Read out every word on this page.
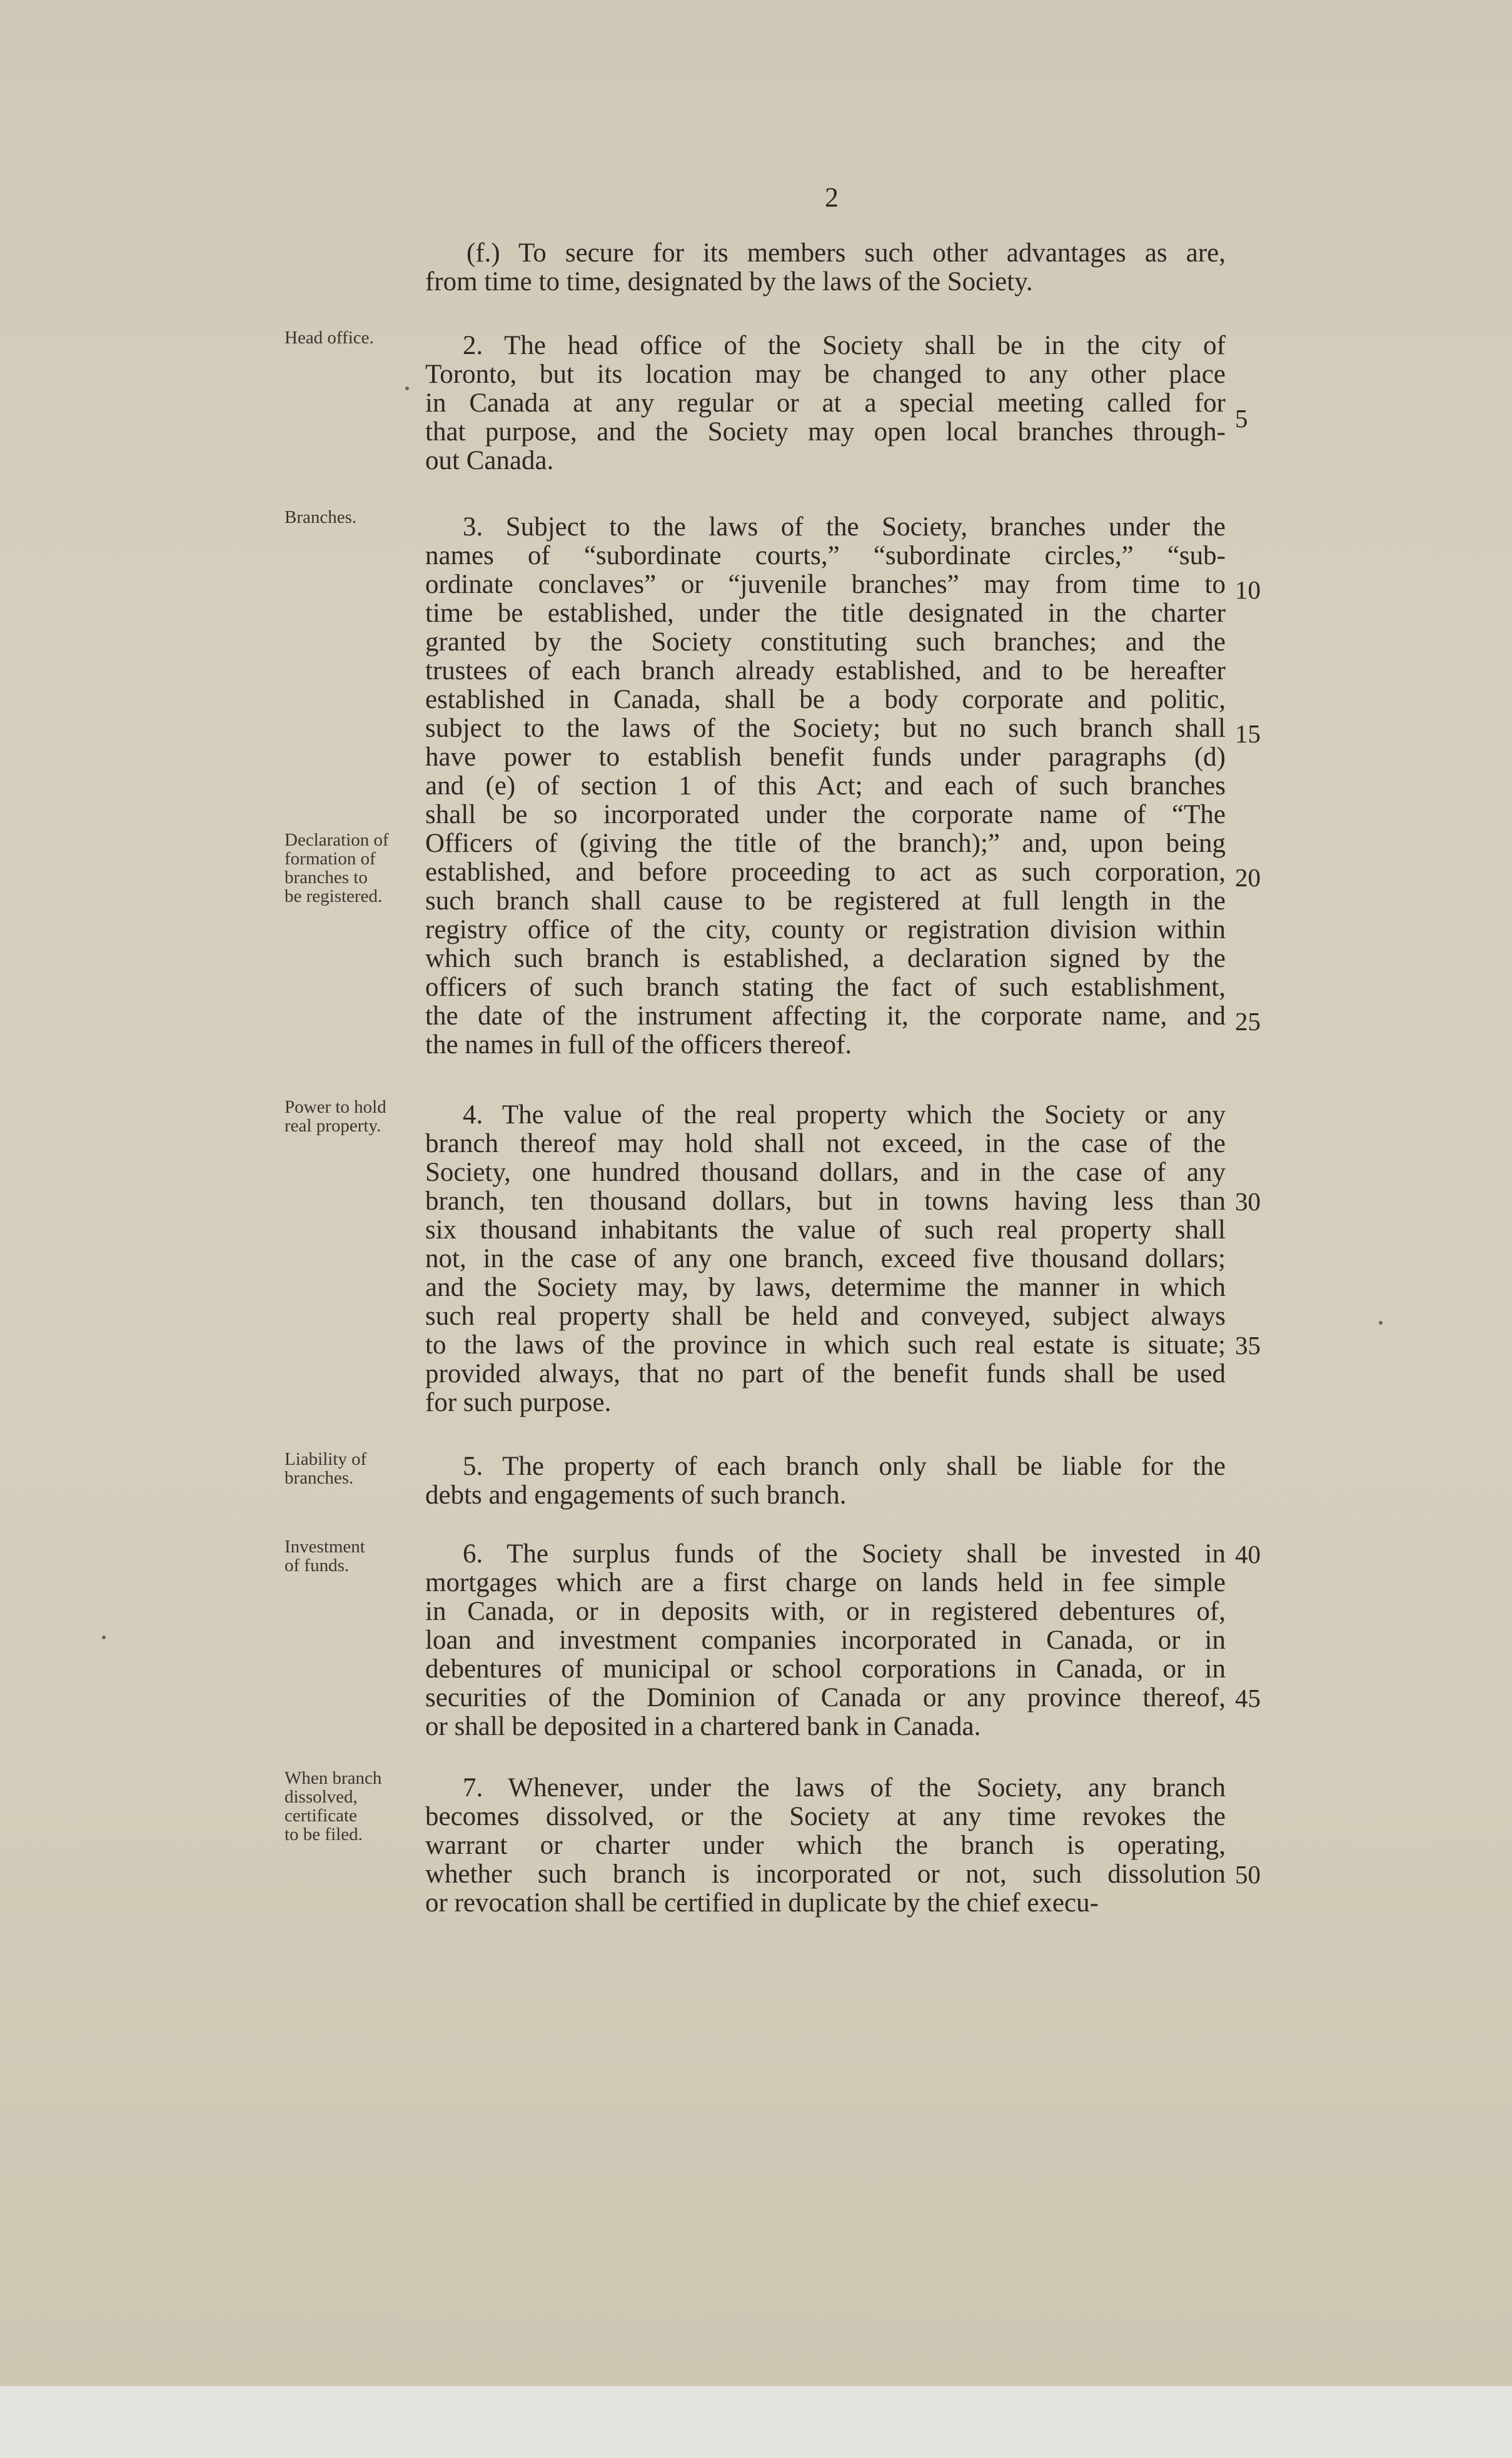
2
(f.) To secure for its members such other advantages as are,
from time to time, designated by the laws of the Society.
Head office.	2. The head office of the Society shall be in the city of
Toronto, but its location may be changed to any other place
in Canada at any regular or at a special meeting called for
that purpose, and the Society may open local branches through-
out Canada.
Branches.
Declaration of
formation of
branches to
be registered.
3. Subject to the laws of the Society, branches under the
names of “subordinate courts,” “subordinate circles,” “sub-
ordinate conclaves” or “juvenile branches” may from time to
time be established, under the title designated in the charter
granted by the Society constituting such branches; and the
trustees of each branch already established, and to be hereafter
established in Canada, shall be a body corporate and politic,
subject to the laws of the Society; but no such branch shall
have power to establish benefit funds under paragraphs (d)
and (e) of section 1 of this Act; and each of such branches
shall be so incorporated under the corporate name of “The
Officers of (giving the title of the branch);” and, upon being
established, and before proceeding to act as such corporation,
such branch shall cause to be registered at full length in the
registry office of the city, county or registration division within
which such branch is established, a declaration signed by the
officers of such branch stating the fact of such establishment,
the date of the instrument affecting it, the corporate name, and
the names in full of the officers thereof.
Power to hold
real property.	4. The value of the real property which the Society or any
branch thereof may hold shall not exceed, in the case of the
Society, one hundred thousand dollars, and in the case of any
branch, ten thousand dollars, but in towns having less than
six thousand inhabitants the value of such real property shall
not, in the case of any one branch, exceed five thousand dollars;
and the Society may, by laws, determime the manner in which
such real property shall be held and conveyed, subject always
to the laws of the province in which such real estate is situate;
provided always, that no part of the benefit funds shall be used
for such purpose.
Liability of
branches.	5. The property of each branch only shall be liable for the
debts and engagements of such branch.
Investment
of funds.	6. The surplus funds of the Society shall be invested in
mortgages which are a first charge on lands held in fee simple
in Canada, or in deposits with, or in registered debentures of,
loan and investment companies incorporated in Canada, or in
debentures of municipal or school corporations in Canada, or in
securities of the Dominion of Canada or any province thereof,
or shall be deposited in a chartered bank in Canada.
When branch
dissolved,
certificate
to be filed.
7. Whenever, under the laws of the Society, any branch
becomes dissolved, or the Society at any time revokes the
warrant or charter under which the branch is operating,
whether such branch is incorporated or not, such dissolution
or revocation shall be certified in duplicate by the chief execu-
5
10
15
20
25
30
35
40
45
50
